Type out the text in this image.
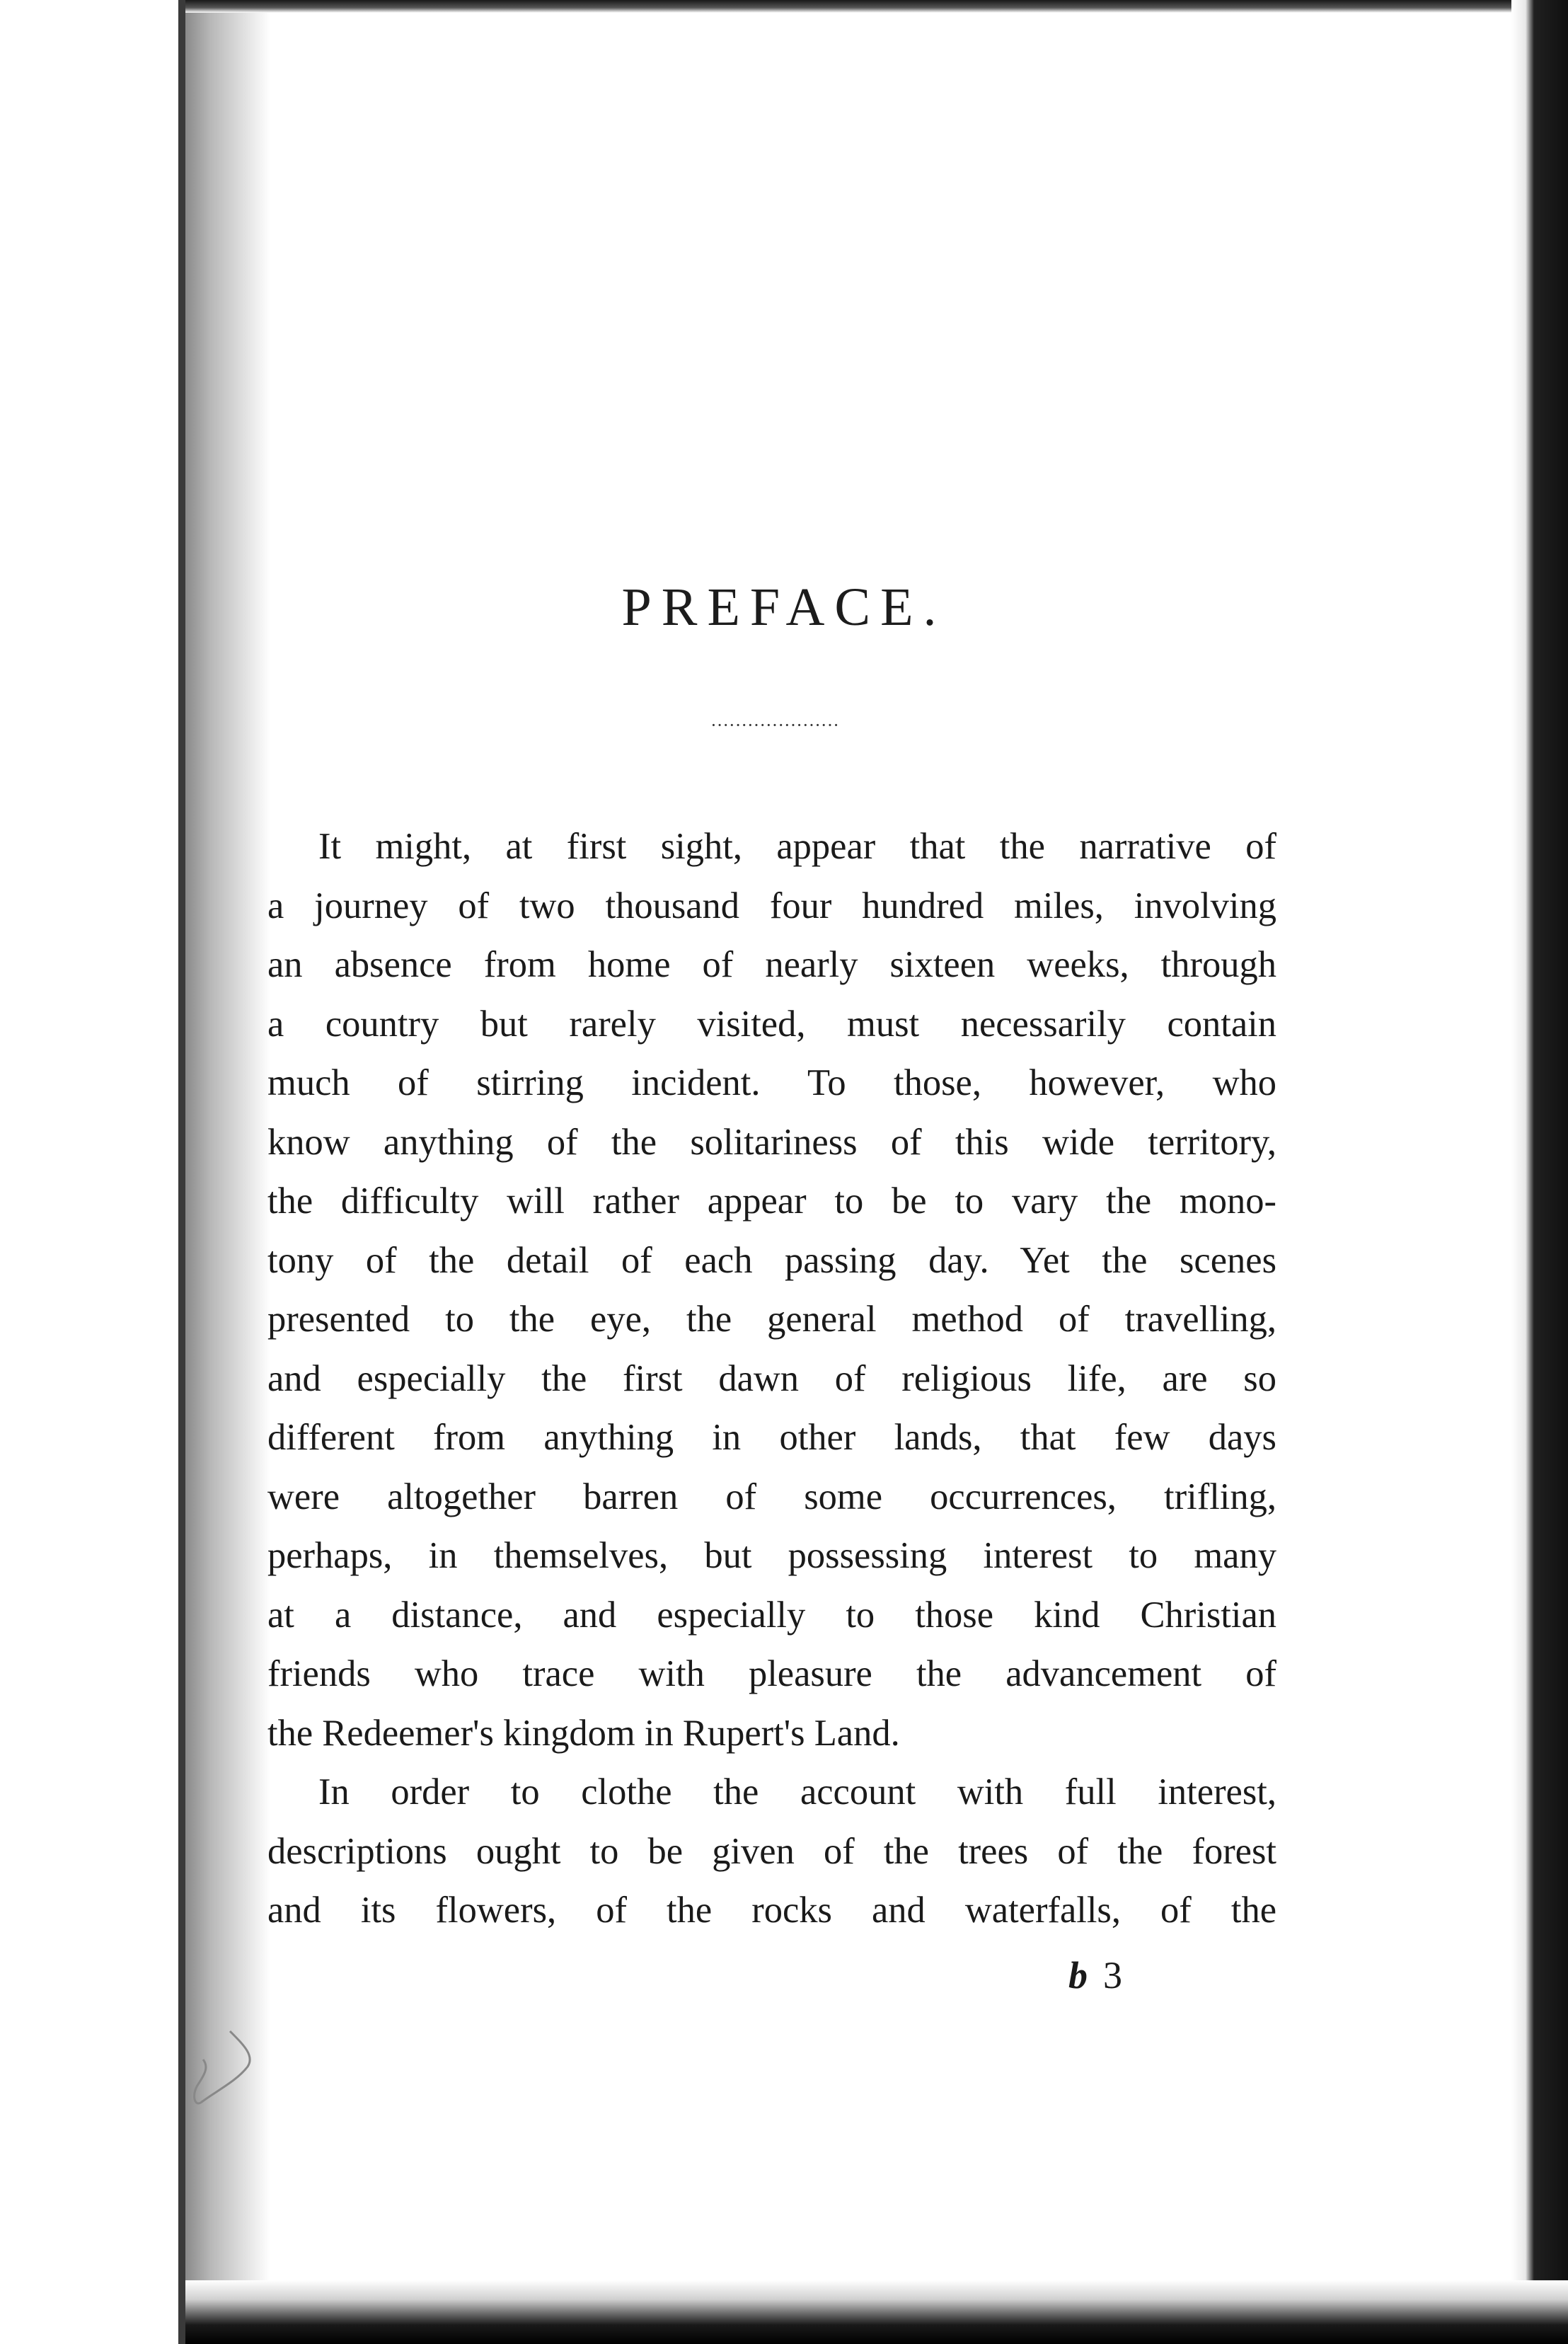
PREFACE.
·····················

It might, at first sight, appear that the narrative of
a journey of two thousand four hundred miles, involving
an absence from home of nearly sixteen weeks, through
a country but rarely visited, must necessarily contain
much of stirring incident. To those, however, who
know anything of the solitariness of this wide territory,
the difficulty will rather appear to be to vary the mono-
tony of the detail of each passing day. Yet the scenes
presented to the eye, the general method of travelling,
and especially the first dawn of religious life, are so
different from anything in other lands, that few days
were altogether barren of some occurrences, trifling,
perhaps, in themselves, but possessing interest to many
at a distance, and especially to those kind Christian
friends who trace with pleasure the advancement of
the Redeemer's kingdom in Rupert's Land.

In order to clothe the account with full interest,
descriptions ought to be given of the trees of the forest
and its flowers, of the rocks and waterfalls, of the

b 3
